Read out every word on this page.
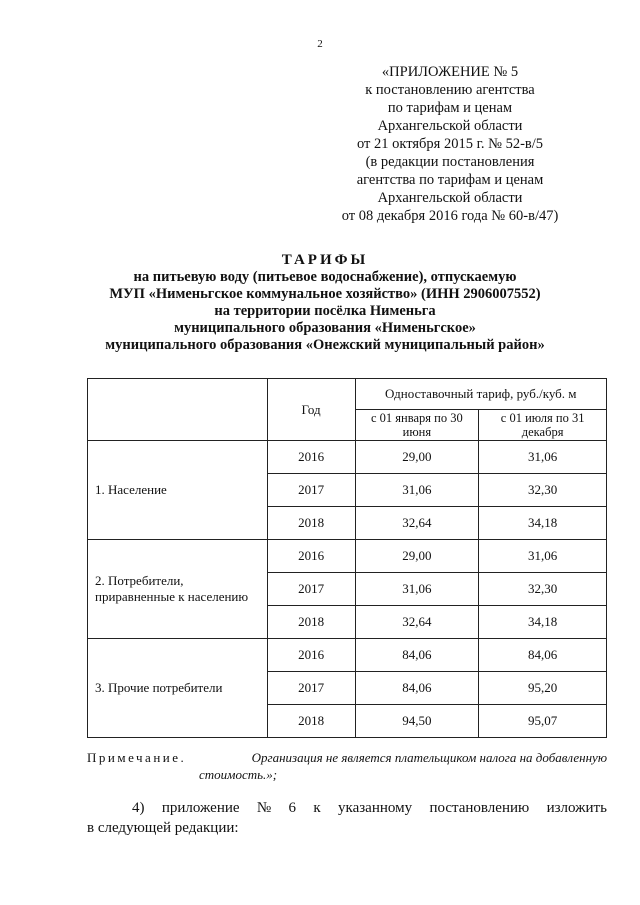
2
«ПРИЛОЖЕНИЕ № 5
к постановлению агентства
по тарифам и ценам
Архангельской области
от 21 октября 2015 г. № 52-в/5
(в редакции постановления
агентства по тарифам и ценам
Архангельской области
от 08 декабря 2016 года № 60-в/47)
ТАРИФЫ
на питьевую воду (питьевое водоснабжение), отпускаемую
МУП «Нименьгское коммунальное хозяйство» (ИНН 2906007552)
на территории посёлка Нименьга
муниципального образования «Нименьгское»
муниципального образования «Онежский муниципальный район»
	Год	Одноставочный тариф, руб./куб. м	
		с 01 января по 30 июня	с 01 июля по 31 декабря
1. Население	2016	29,00	31,06
	2017	31,06	32,30
	2018	32,64	34,18
2. Потребители, приравненные к населению	2016	29,00	31,06
	2017	31,06	32,30
	2018	32,64	34,18
3. Прочие потребители	2016	84,06	84,06
	2017	84,06	95,20
	2018	94,50	95,07
Примечание.	Организация не является плательщиком налога на добавленную
стоимость.»;
4) приложение № 6 к указанному постановлению изложить
в следующей редакции:
